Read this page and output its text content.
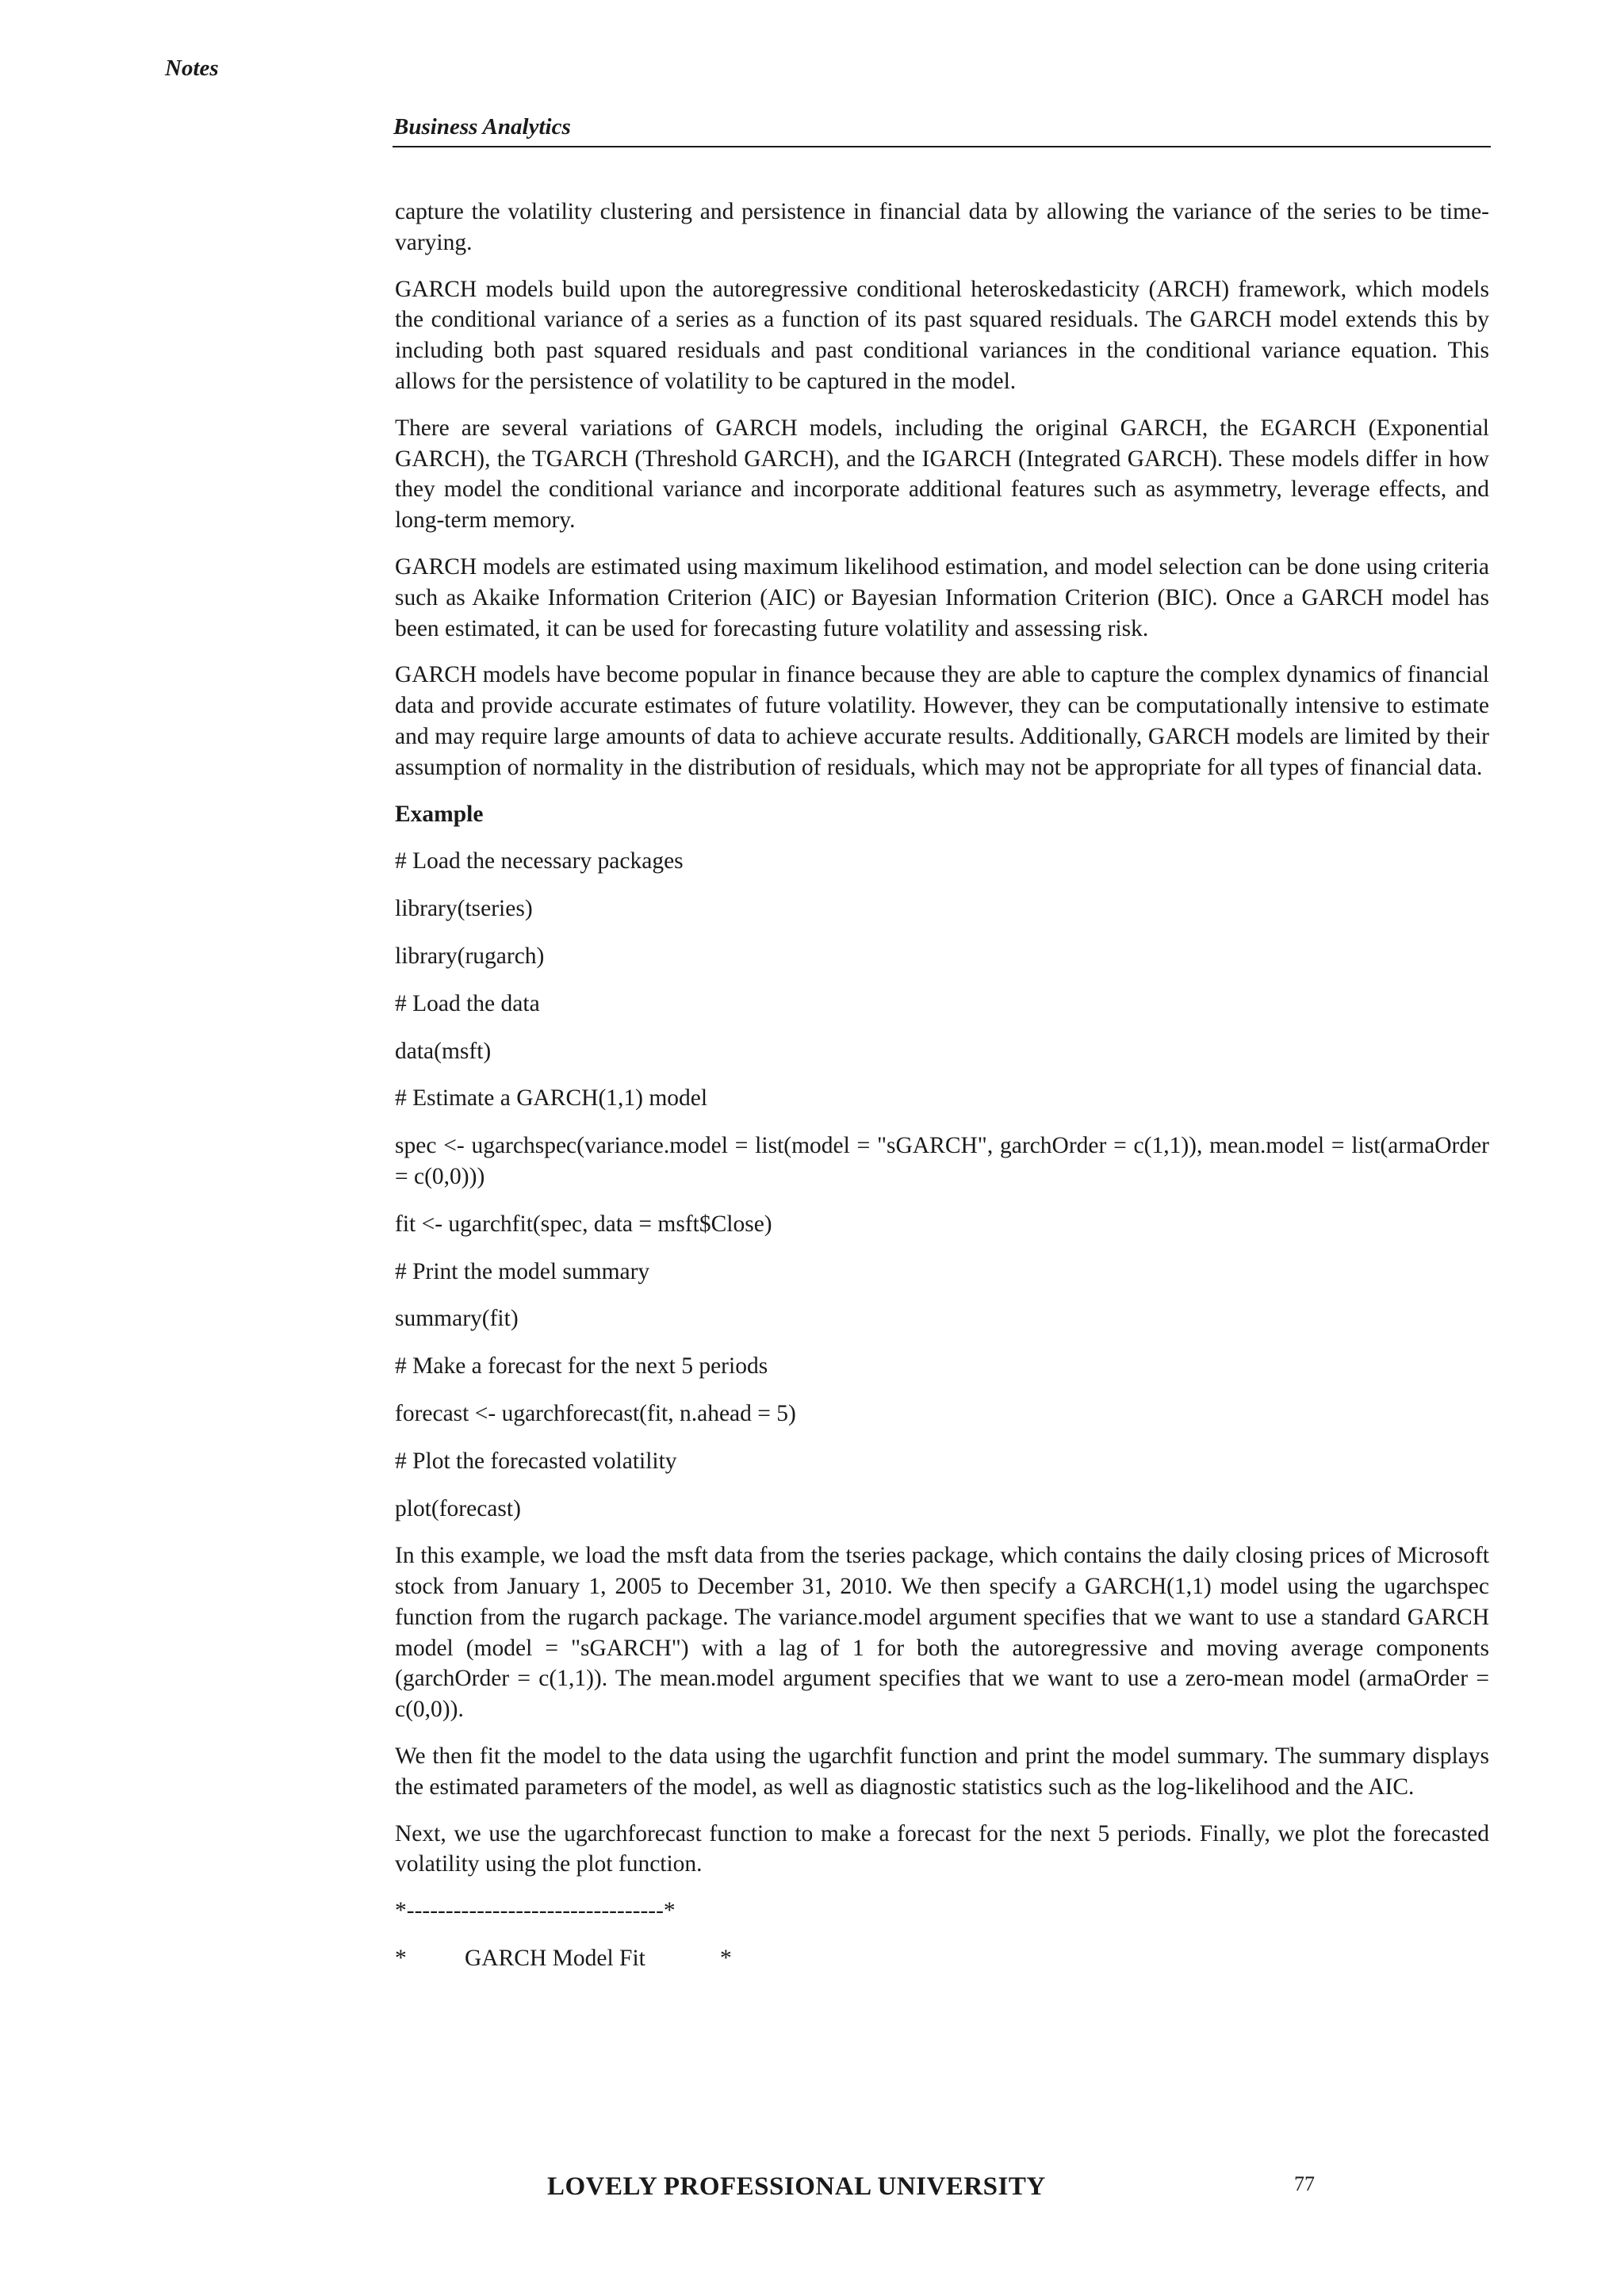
Notes
Business Analytics

capture the volatility clustering and persistence in financial data by allowing the variance of the series to be time-varying.

GARCH models build upon the autoregressive conditional heteroskedasticity (ARCH) framework, which models the conditional variance of a series as a function of its past squared residuals. The GARCH model extends this by including both past squared residuals and past conditional variances in the conditional variance equation. This allows for the persistence of volatility to be captured in the model.

There are several variations of GARCH models, including the original GARCH, the EGARCH (Exponential GARCH), the TGARCH (Threshold GARCH), and the IGARCH (Integrated GARCH). These models differ in how they model the conditional variance and incorporate additional features such as asymmetry, leverage effects, and long-term memory.

GARCH models are estimated using maximum likelihood estimation, and model selection can be done using criteria such as Akaike Information Criterion (AIC) or Bayesian Information Criterion (BIC). Once a GARCH model has been estimated, it can be used for forecasting future volatility and assessing risk.

GARCH models have become popular in finance because they are able to capture the complex dynamics of financial data and provide accurate estimates of future volatility. However, they can be computationally intensive to estimate and may require large amounts of data to achieve accurate results. Additionally, GARCH models are limited by their assumption of normality in the distribution of residuals, which may not be appropriate for all types of financial data.

Example

# Load the necessary packages

library(tseries)

library(rugarch)

# Load the data

data(msft)

# Estimate a GARCH(1,1) model

spec <- ugarchspec(variance.model = list(model = "sGARCH", garchOrder = c(1,1)), mean.model = list(armaOrder = c(0,0)))

fit <- ugarchfit(spec, data = msft$Close)

# Print the model summary

summary(fit)

# Make a forecast for the next 5 periods

forecast <- ugarchforecast(fit, n.ahead = 5)

# Plot the forecasted volatility

plot(forecast)

In this example, we load the msft data from the tseries package, which contains the daily closing prices of Microsoft stock from January 1, 2005 to December 31, 2010. We then specify a GARCH(1,1) model using the ugarchspec function from the rugarch package. The variance.model argument specifies that we want to use a standard GARCH model (model = "sGARCH") with a lag of 1 for both the autoregressive and moving average components (garchOrder = c(1,1)). The mean.model argument specifies that we want to use a zero-mean model (armaOrder = c(0,0)).

We then fit the model to the data using the ugarchfit function and print the model summary. The summary displays the estimated parameters of the model, as well as diagnostic statistics such as the log-likelihood and the AIC.

Next, we use the ugarchforecast function to make a forecast for the next 5 periods. Finally, we plot the forecasted volatility using the plot function.

*---------------------------------*

* GARCH Model Fit	*

LOVELY PROFESSIONAL UNIVERSITY	77
